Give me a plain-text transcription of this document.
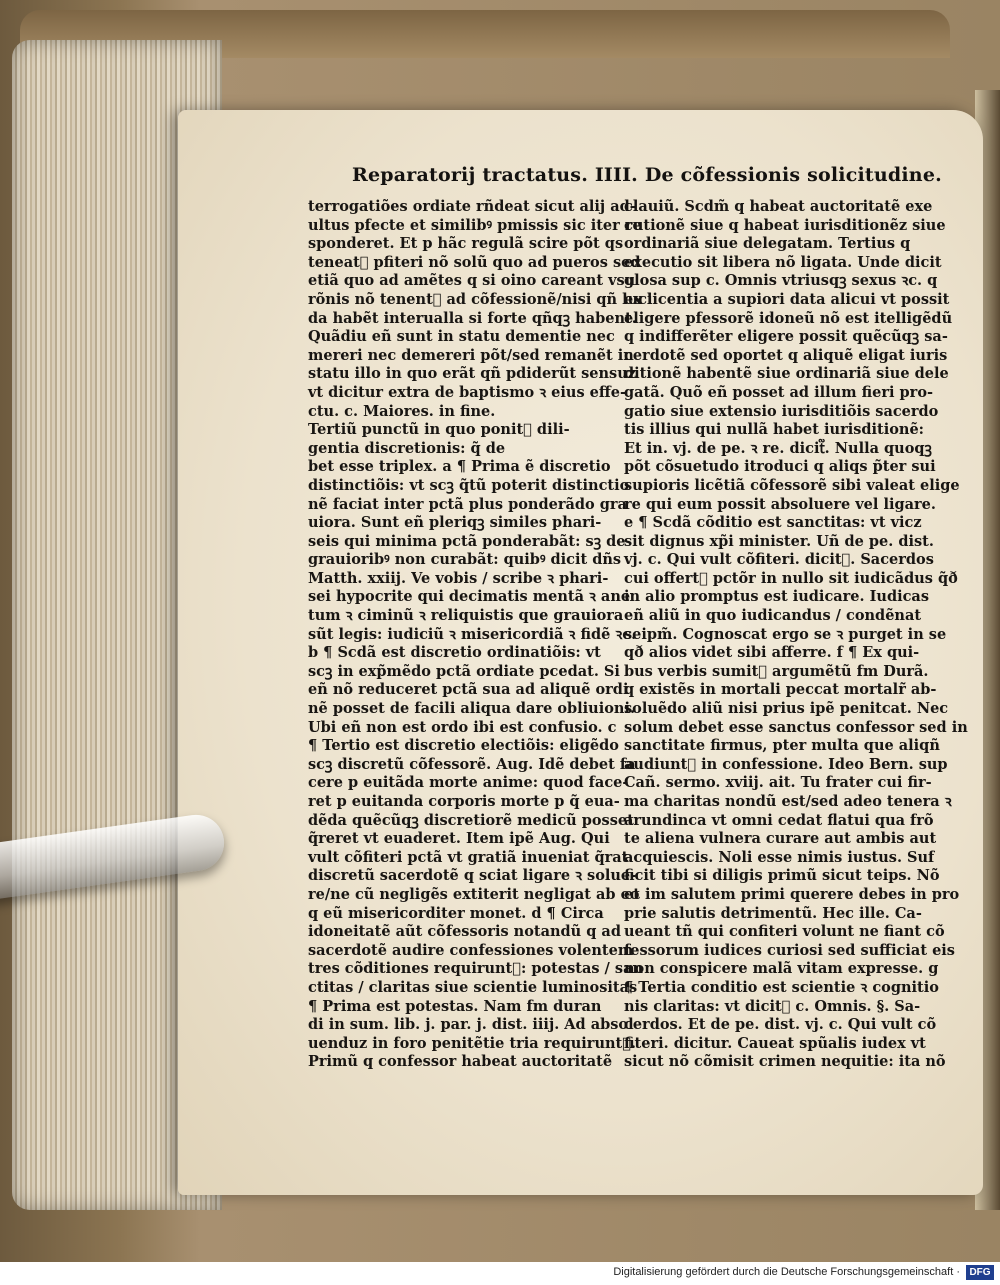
Reparatorij tractatus. IIII. De cõfessionis solicitudine.
terrogatiões ordiate rñdeat sicut alij ad-
ultus pfecte et similibꝰ pmissis sic iter re
sponderet. Et p hãc regulã scire põt qs
teneat᷑ pfiteri nõ solũ quo ad pueros sed
etiã quo ad amẽtes q si oino careant vsu
rõnis nõ tenent᷑ ad cõfessionẽ/nisi qñ luci
da habẽt interualla si forte qñqꝫ habent.
Quãdiu eñ sunt in statu dementie nec
mereri nec demereri põt/sed remanẽt in
statu illo in quo erãt qñ pdiderũt sensuz
vt dicitur extra de baptismo ꝛ eius effe-
ctu. c. Maiores. in fine.
Tertiũ punctũ in quo ponit᷑ dili-
gentia discretionis: q̃ de
bet esse triplex. a ¶ Prima ẽ discretio
distinctiõis: vt scꝫ q̃tũ poterit distinctio
nẽ faciat inter pctã plus ponderãdo gra
uiora. Sunt eñ pleriqꝫ similes phari-
seis qui minima pctã ponderabãt: sꝫ de
grauioribꝰ non curabãt: quibꝰ dicit dñs
Matth. xxiij. Ve vobis / scribe ꝛ phari-
sei hypocrite qui decimatis mentã ꝛ ane
tum ꝛ ciminũ ꝛ reliquistis que grauiora
sũt legis: iudiciũ ꝛ misericordiã ꝛ fidẽ ꝛc.
b ¶ Scdã est discretio ordinatiõis: vt
scꝫ in exp̃mẽdo pctã ordiate pcedat. Si
eñ nõ reduceret pctã sua ad aliquẽ ordi
nẽ posset de facili aliqua dare obliuioni.
Ubi eñ non est ordo ibi est confusio. c
¶ Tertio est discretio electiõis: eligẽdo
scꝫ discretũ cõfessorẽ. Aug. Idẽ debet fa
cere p euitãda morte anime: quod face-
ret p euitanda corporis morte p q̃ eua-
dẽda quẽcũqꝫ discretiorẽ medicũ posset
q̃reret vt euaderet. Item ipẽ Aug. Qui
vult cõfiteri pctã vt gratiã inueniat q̃rat
discretũ sacerdotẽ q sciat ligare ꝛ solue-
re/ne cũ negligẽs extiterit negligat ab eo
q eũ misericorditer monet. d ¶ Circa
idoneitatẽ aũt cõfessoris notandũ q ad
sacerdotẽ audire confessiones volentem
tres cõditiones requirunt᷑: potestas / san
ctitas / claritas siue scientie luminositas
¶ Prima est potestas. Nam fm duran
di in sum. lib. j. par. j. dist. iiij. Ad absol
uenduz in foro penitẽtie tria requirunt᷑.
Primũ q confessor habeat auctoritatẽ
clauiũ. Scdm̃ q habeat auctoritatẽ exe
cutionẽ siue q habeat iurisditionẽz siue
ordinariã siue delegatam. Tertius q
executio sit libera nõ ligata. Unde dicit
glosa sup c. Omnis vtriusqꝫ sexus ꝛc. q
ex licentia a supiori data alicui vt possit
eligere pfessorẽ idoneũ nõ est itelligẽdũ
q indifferẽter eligere possit quẽcũqꝫ sa-
cerdotẽ sed oportet q aliquẽ eligat iuris
ditionẽ habentẽ siue ordinariã siue dele
gatã. Quõ eñ posset ad illum fieri pro-
gatio siue extensio iurisditiõis sacerdo
tis illius qui nullã habet iurisditionẽ:
Et in. vj. de pe. ꝛ re. dicit᷑. Nulla quoqꝫ
põt cõsuetudo itroduci q aliqs p̃ter sui
supioris licẽtiã cõfessorẽ sibi valeat elige
re qui eum possit absoluere vel ligare.
e ¶ Scdã cõditio est sanctitas: vt vicz
sit dignus xp̃i minister. Uñ de pe. dist.
vj. c. Qui vult cõfiteri. dicit᷑. Sacerdos
cui offert᷑ pctõr in nullo sit iudicãdus q̃ð
in alio promptus est iudicare. Iudicas
eñ aliũ in quo iudicandus / condẽnat
seipm̃. Cognoscat ergo se ꝛ purget in se
qð alios videt sibi afferre. f ¶ Ex qui-
bus verbis sumit᷑ argumẽtũ fm Durã.
q existẽs in mortali peccat mortalr̃ ab-
soluẽdo aliũ nisi prius ipẽ penitcat. Nec
solum debet esse sanctus confessor sed in
sanctitate firmus, pter multa que aliqñ
audiunt᷑ in confessione. Ideo Bern. sup
Cañ. sermo. xviij. ait. Tu frater cui fir-
ma charitas nondũ est/sed adeo tenera ꝛ
arundinca vt omni cedat flatui qua frõ
te aliena vulnera curare aut ambis aut
acquiescis. Noli esse nimis iustus. Suf
ficit tibi si diligis primũ sicut teips. Nõ
et im salutem primi querere debes in pro
prie salutis detrimentũ. Hec ille. Ca-
ueant tñ qui confiteri volunt ne fiant cõ
fessorum iudices curiosi sed sufficiat eis
non conspicere malã vitam expresse. g
¶ Tertia conditio est scientie ꝛ cognitio
nis claritas: vt dicit᷑ c. Omnis. §. Sa-
cerdos. Et de pe. dist. vj. c. Qui vult cõ
fiteri. dicitur. Caueat spũalis iudex vt
sicut nõ cõmisit crimen nequitie: ita nõ
Digitalisierung gefördert durch die Deutsche Forschungsgemeinschaft · DFG
